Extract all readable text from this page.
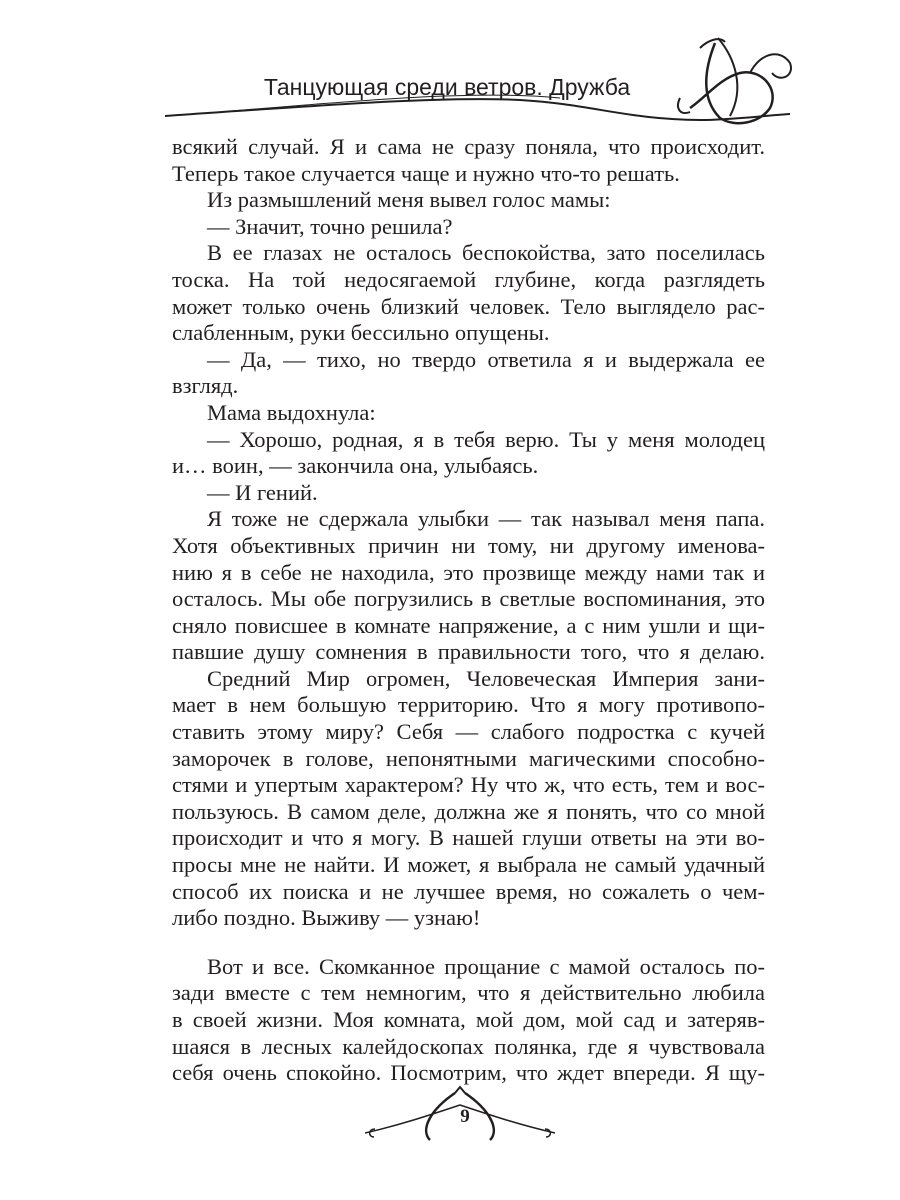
Танцующая среди ветров. Дружба
всякий случай. Я и сама не сразу поняла, что происходит.
Теперь такое случается чаще и нужно что-то решать.
Из размышлений меня вывел голос мамы:
— Значит, точно решила?
В ее глазах не осталось беспокойства, зато поселилась
тоска. На той недосягаемой глубине, когда разглядеть
может только очень близкий человек. Тело выглядело рас-
слабленным, руки бессильно опущены.
— Да, — тихо, но твердо ответила я и выдержала ее
взгляд.
Мама выдохнула:
— Хорошо, родная, я в тебя верю. Ты у меня молодец
и… воин, — закончила она, улыбаясь.
— И гений.
Я тоже не сдержала улыбки — так называл меня папа.
Хотя объективных причин ни тому, ни другому именова-
нию я в себе не находила, это прозвище между нами так и
осталось. Мы обе погрузились в светлые воспоминания, это
сняло повисшее в комнате напряжение, а с ним ушли и щи-
павшие душу сомнения в правильности того, что я делаю.
Средний Мир огромен, Человеческая Империя зани-
мает в нем большую территорию. Что я могу противопо-
ставить этому миру? Себя — слабого подростка с кучей
заморочек в голове, непонятными магическими способно-
стями и упертым характером? Ну что ж, что есть, тем и вос-
пользуюсь. В самом деле, должна же я понять, что со мной
происходит и что я могу. В нашей глуши ответы на эти во-
просы мне не найти. И может, я выбрала не самый удачный
способ их поиска и не лучшее время, но сожалеть о чем-
либо поздно. Выживу — узнаю!
Вот и все. Скомканное прощание с мамой осталось по-
зади вместе с тем немногим, что я действительно любила
в своей жизни. Моя комната, мой дом, мой сад и затеряв-
шаяся в лесных калейдоскопах полянка, где я чувствовала
себя очень спокойно. Посмотрим, что ждет впереди. Я щу-
9
